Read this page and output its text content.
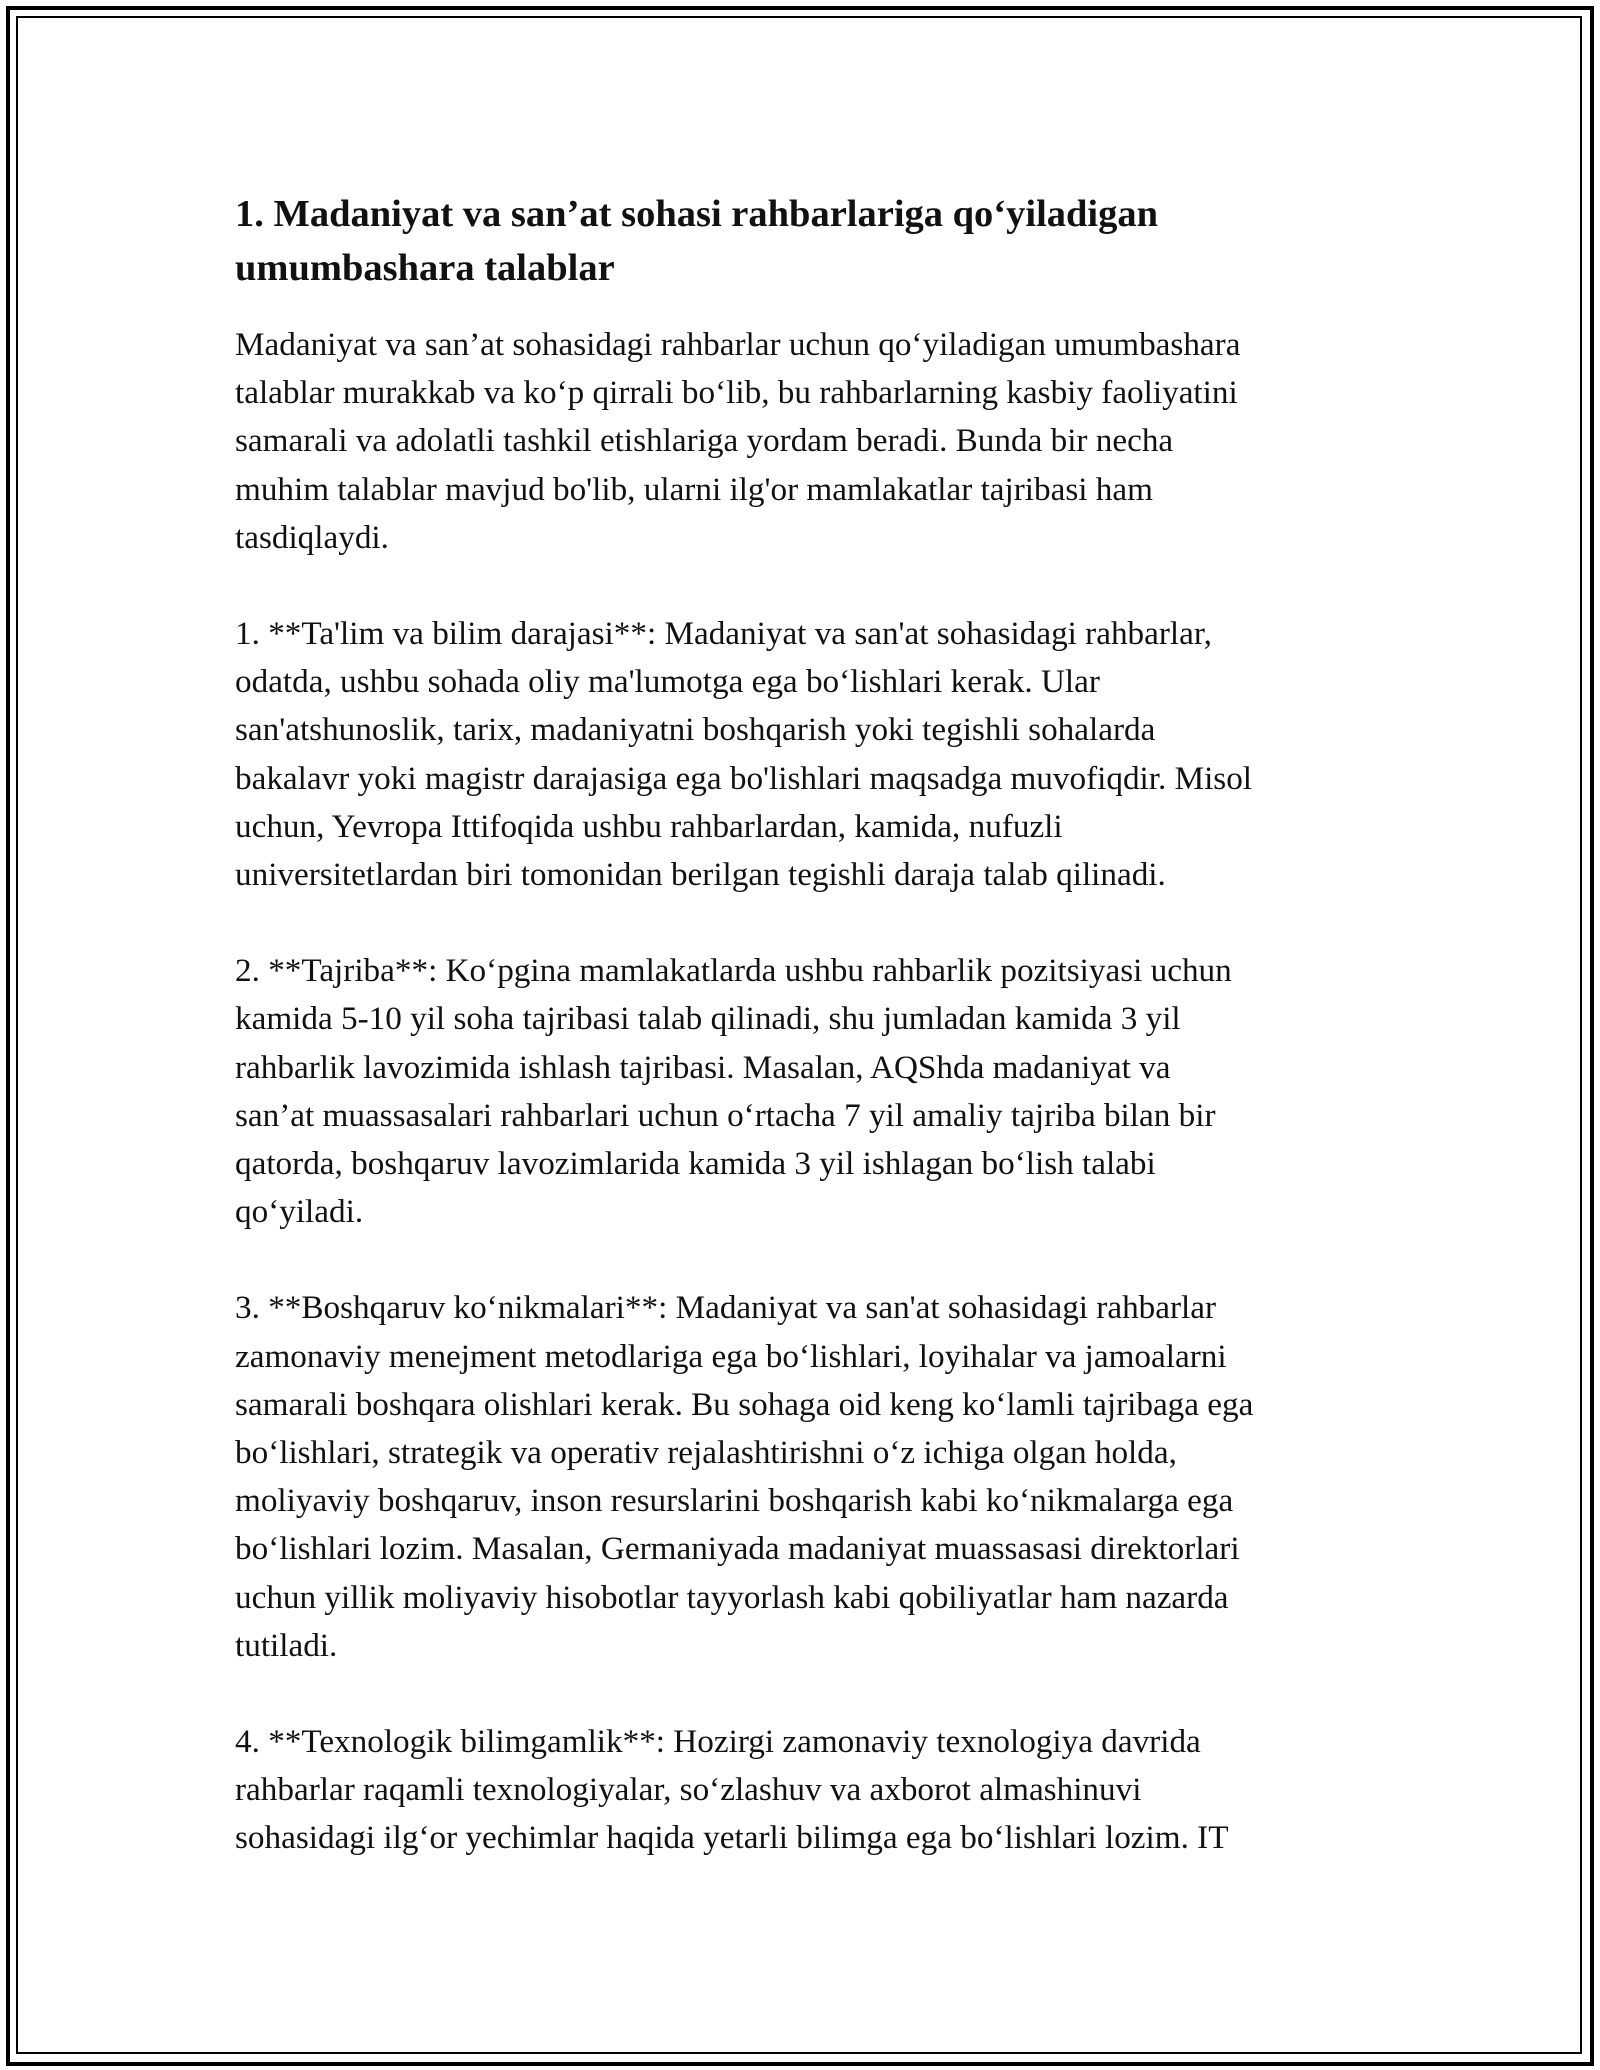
1. Madaniyat va san’at sohasi rahbarlariga qo‘yiladigan umumbashara talablar

Madaniyat va san’at sohasidagi rahbarlar uchun qo‘yiladigan umumbashara
talablar murakkab va ko‘p qirrali bo‘lib, bu rahbarlarning kasbiy faoliyatini
samarali va adolatli tashkil etishlariga yordam beradi. Bunda bir necha
muhim talablar mavjud bo'lib, ularni ilg'or mamlakatlar tajribasi ham
tasdiqlaydi.

1. **Ta'lim va bilim darajasi**: Madaniyat va san'at sohasidagi rahbarlar,
odatda, ushbu sohada oliy ma'lumotga ega bo‘lishlari kerak. Ular
san'atshunoslik, tarix, madaniyatni boshqarish yoki tegishli sohalarda
bakalavr yoki magistr darajasiga ega bo'lishlari maqsadga muvofiqdir. Misol
uchun, Yevropa Ittifoqida ushbu rahbarlardan, kamida, nufuzli
universitetlardan biri tomonidan berilgan tegishli daraja talab qilinadi.

2. **Tajriba**: Ko‘pgina mamlakatlarda ushbu rahbarlik pozitsiyasi uchun
kamida 5-10 yil soha tajribasi talab qilinadi, shu jumladan kamida 3 yil
rahbarlik lavozimida ishlash tajribasi. Masalan, AQShda madaniyat va
san’at muassasalari rahbarlari uchun o‘rtacha 7 yil amaliy tajriba bilan bir
qatorda, boshqaruv lavozimlarida kamida 3 yil ishlagan bo‘lish talabi
qo‘yiladi.

3. **Boshqaruv ko‘nikmalari**: Madaniyat va san'at sohasidagi rahbarlar
zamonaviy menejment metodlariga ega bo‘lishlari, loyihalar va jamoalarni
samarali boshqara olishlari kerak. Bu sohaga oid keng ko‘lamli tajribaga ega
bo‘lishlari, strategik va operativ rejalashtirishni o‘z ichiga olgan holda,
moliyaviy boshqaruv, inson resurslarini boshqarish kabi ko‘nikmalarga ega
bo‘lishlari lozim. Masalan, Germaniyada madaniyat muassasasi direktorlari
uchun yillik moliyaviy hisobotlar tayyorlash kabi qobiliyatlar ham nazarda
tutiladi.

4. **Texnologik bilimgamlik**: Hozirgi zamonaviy texnologiya davrida
rahbarlar raqamli texnologiyalar, so‘zlashuv va axborot almashinuvi
sohasidagi ilg‘or yechimlar haqida yetarli bilimga ega bo‘lishlari lozim. IT
